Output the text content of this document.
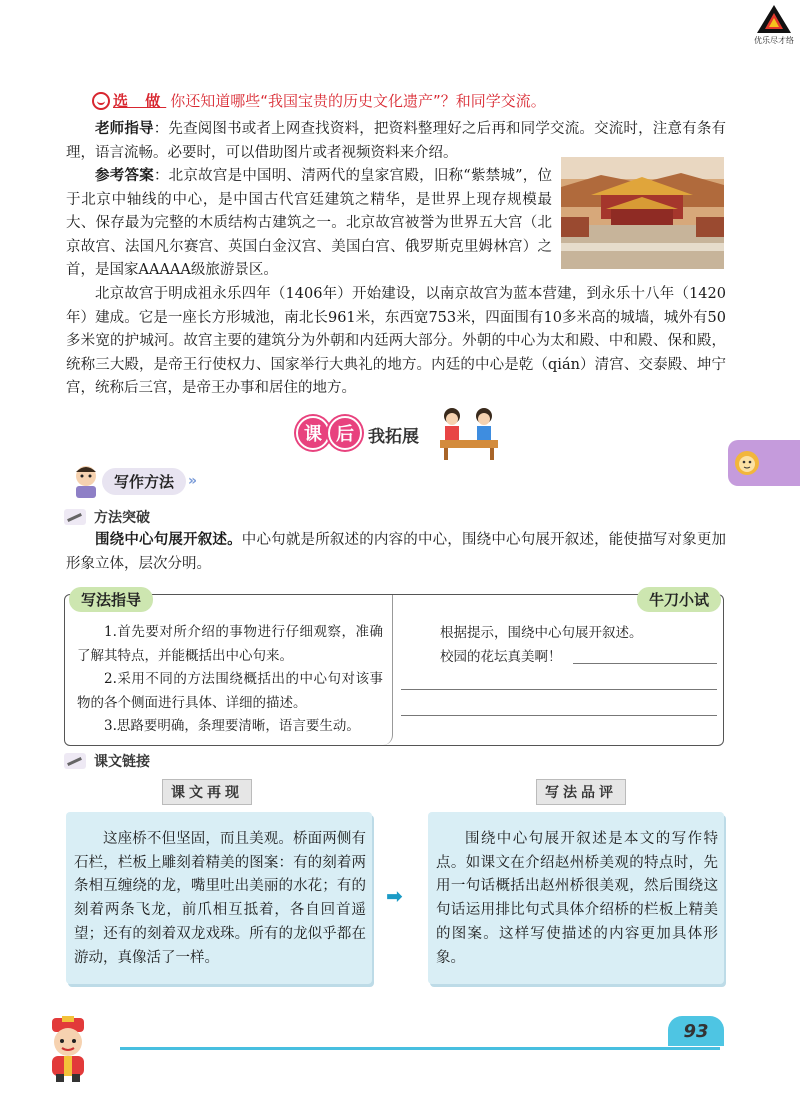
优乐尽才络
选 做 你还知道哪些“我国宝贵的历史文化遗产”？和同学交流。

老师指导：先查阅图书或者上网查找资料，把资料整理好之后再和同学交流。交流时，注意有条有理，语言流畅。必要时，可以借助图片或者视频资料来介绍。

参考答案：北京故宫是中国明、清两代的皇家宫殿，旧称“紫禁城”，位于北京中轴线的中心，是中国古代宫廷建筑之精华，是世界上现存规模最大、保存最为完整的木质结构古建筑之一。北京故宫被誉为世界五大宫（北京故宫、法国凡尔赛宫、英国白金汉宫、美国白宫、俄罗斯克里姆林宫）之首，是国家AAAAA级旅游景区。

北京故宫于明成祖永乐四年（1406年）开始建设，以南京故宫为蓝本营建，到永乐十八年（1420年）建成。它是一座长方形城池，南北长961米，东西宽753米，四面围有10多米高的城墙，城外有50多米宽的护城河。故宫主要的建筑分为外朝和内廷两大部分。外朝的中心为太和殿、中和殿、保和殿，统称三大殿，是帝王行使权力、国家举行大典礼的地方。内廷的中心是乾（qián）清宫、交泰殿、坤宁宫，统称后三宫，是帝王办事和居住的地方。

课 后 我拓展
写作方法	»
方法突破

围绕中心句展开叙述。中心句就是所叙述的内容的中心，围绕中心句展开叙述，能使描写对象更加形象立体，层次分明。

写法指导	牛刀小试

1.首先要对所介绍的事物进行仔细观察，准确了解其特点，并能概括出中心句来。

2.采用不同的方法围绕概括出的中心句对该事物的各个侧面进行具体、详细的描述。

3.思路要明确，条理要清晰，语言要生动。

根据提示，围绕中心句展开叙述。

校园的花坛真美啊！

课文链接
课文再现	写法品评

这座桥不但坚固，而且美观。桥面两侧有石栏，栏板上雕刻着精美的图案：有的刻着两条相互缠绕的龙，嘴里吐出美丽的水花；有的刻着两条飞龙，前爪相互抵着，各自回首遥望；还有的刻着双龙戏珠。所有的龙似乎都在游动，真像活了一样。

➡

围绕中心句展开叙述是本文的写作特点。如课文在介绍赵州桥美观的特点时，先用一句话概括出赵州桥很美观，然后围绕这句话运用排比句式具体介绍桥的栏板上精美的图案。这样写使描述的内容更加具体形象。

93
